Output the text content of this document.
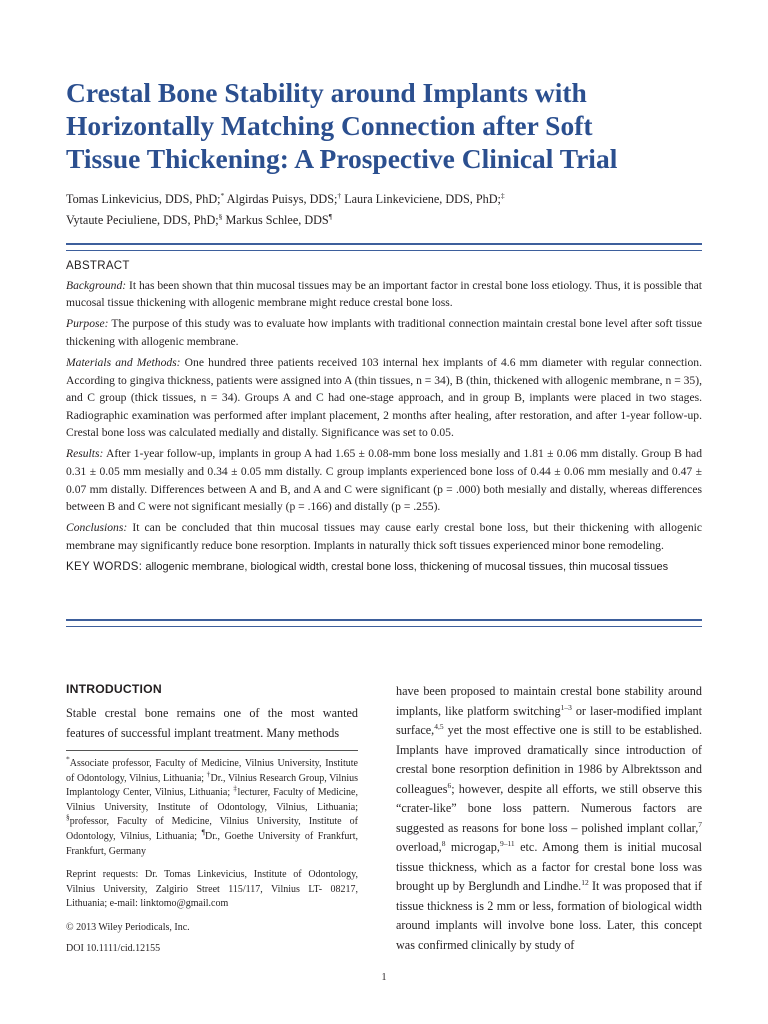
Crestal Bone Stability around Implants with
Horizontally Matching Connection after Soft
Tissue Thickening: A Prospective Clinical Trial
Tomas Linkevicius, DDS, PhD;* Algirdas Puisys, DDS;† Laura Linkeviciene, DDS, PhD;‡
Vytaute Peciuliene, DDS, PhD;§ Markus Schlee, DDS¶
ABSTRACT

Background: It has been shown that thin mucosal tissues may be an important factor in crestal bone loss etiology. Thus, it is possible that mucosal tissue thickening with allogenic membrane might reduce crestal bone loss.

Purpose: The purpose of this study was to evaluate how implants with traditional connection maintain crestal bone level after soft tissue thickening with allogenic membrane.

Materials and Methods: One hundred three patients received 103 internal hex implants of 4.6 mm diameter with regular connection. According to gingiva thickness, patients were assigned into A (thin tissues, n = 34), B (thin, thickened with allogenic membrane, n = 35), and C group (thick tissues, n = 34). Groups A and C had one-stage approach, and in group B, implants were placed in two stages. Radiographic examination was performed after implant placement, 2 months after healing, after restoration, and after 1-year follow-up. Crestal bone loss was calculated medially and distally. Significance was set to 0.05.

Results: After 1-year follow-up, implants in group A had 1.65 ± 0.08-mm bone loss mesially and 1.81 ± 0.06 mm distally. Group B had 0.31 ± 0.05 mm mesially and 0.34 ± 0.05 mm distally. C group implants experienced bone loss of 0.44 ± 0.06 mm mesially and 0.47 ± 0.07 mm distally. Differences between A and B, and A and C were significant (p = .000) both mesially and distally, whereas differences between B and C were not significant mesially (p = .166) and distally (p = .255).

Conclusions: It can be concluded that thin mucosal tissues may cause early crestal bone loss, but their thickening with allogenic membrane may significantly reduce bone resorption. Implants in naturally thick soft tissues experienced minor bone remodeling.

KEY WORDS: allogenic membrane, biological width, crestal bone loss, thickening of mucosal tissues, thin mucosal tissues

INTRODUCTION

Stable crestal bone remains one of the most wanted features of successful implant treatment. Many methods

*Associate professor, Faculty of Medicine, Vilnius University, Institute of Odontology, Vilnius, Lithuania; †Dr., Vilnius Research Group, Vilnius Implantology Center, Vilnius, Lithuania; ‡lecturer, Faculty of Medicine, Vilnius University, Institute of Odontology, Vilnius, Lithuania; §professor, Faculty of Medicine, Vilnius University, Institute of Odontology, Vilnius, Lithuania; ¶Dr., Goethe University of Frankfurt, Frankfurt, Germany

Reprint requests: Dr. Tomas Linkevicius, Institute of Odontology, Vilnius University, Zalgirio Street 115/117, Vilnius LT- 08217, Lithuania; e-mail: linktomo@gmail.com

© 2013 Wiley Periodicals, Inc.

DOI 10.1111/cid.12155

have been proposed to maintain crestal bone stability around implants, like platform switching$^{1-3}$ or laser-modified implant surface,$^{4,5}$ yet the most effective one is still to be established. Implants have improved dramatically since introduction of crestal bone resorption definition in 1986 by Albrektsson and colleagues$^6$; however, despite all efforts, we still observe this “crater-like” bone loss pattern. Numerous factors are suggested as reasons for bone loss – polished implant collar,$^7$ overload,$^8$ microgap,$^{9-11}$ etc. Among them is initial mucosal tissue thickness, which as a factor for crestal bone loss was brought up by Berglundh and Lindhe.$^{12}$ It was proposed that if tissue thickness is 2 mm or less, formation of biological width around implants will involve bone loss. Later, this concept was confirmed clinically by study of
1
